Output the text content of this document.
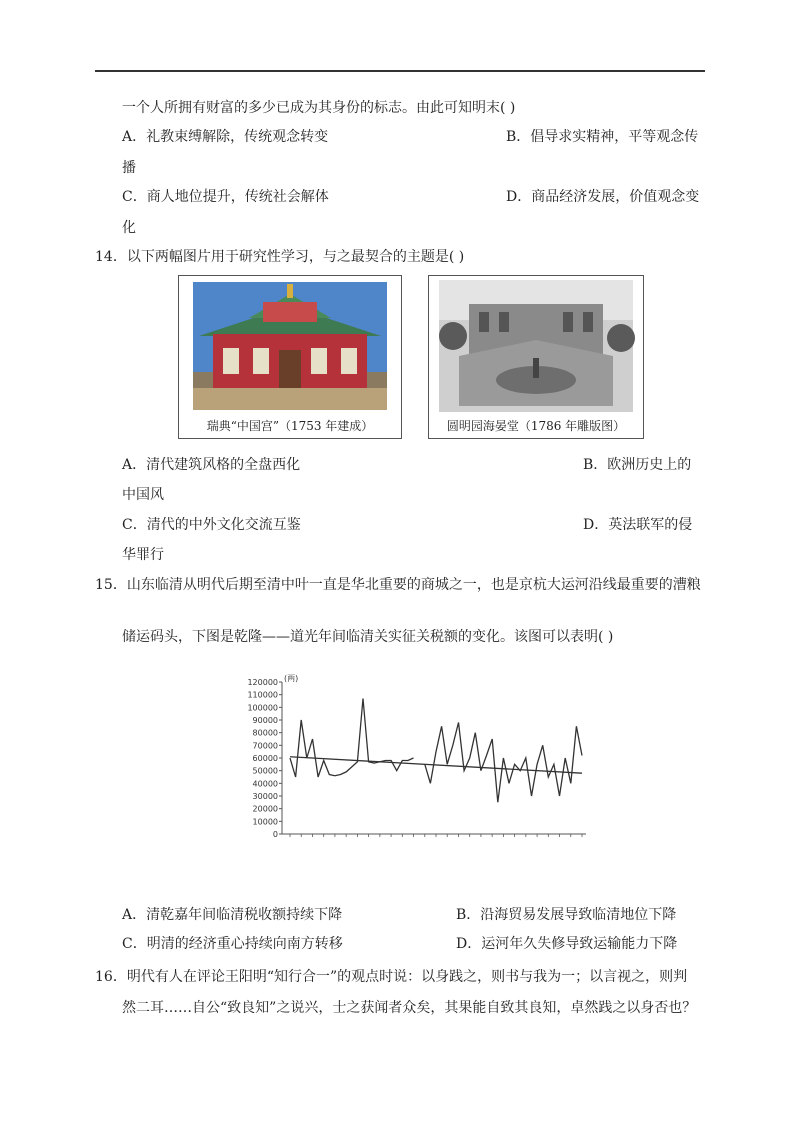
一个人所拥有财富的多少已成为其身份的标志。由此可知明末( )
A．礼教束缚解除，传统观念转变	B．倡导求实精神，平等观念传
播
C．商人地位提升，传统社会解体	D．商品经济发展，价值观念变
化
14．以下两幅图片用于研究性学习，与之最契合的主题是( )
瑞典“中国宫”（1753 年建成）	圆明园海晏堂（1786 年雕版图）
A．清代建筑风格的全盘西化	B．欧洲历史上的
中国风
C．清代的中外文化交流互鉴	D．英法联军的侵
华罪行
15．山东临清从明代后期至清中叶一直是华北重要的商城之一，也是京杭大运河沿线最重要的漕粮
储运码头，下图是乾隆——道光年间临清关实征关税额的变化。该图可以表明( )
0
10000
20000
30000
40000
50000
60000
70000
80000
90000
100000
110000
120000 (两)
A．清乾嘉年间临清税收额持续下降	B．沿海贸易发展导致临清地位下降
C．明清的经济重心持续向南方转移	D．运河年久失修导致运输能力下降
16．明代有人在评论王阳明“知行合一”的观点时说：以身践之，则书与我为一；以言视之，则判
然二耳……自公“致良知”之说兴，士之获闻者众矣，其果能自致其良知，卓然践之以身否也？
